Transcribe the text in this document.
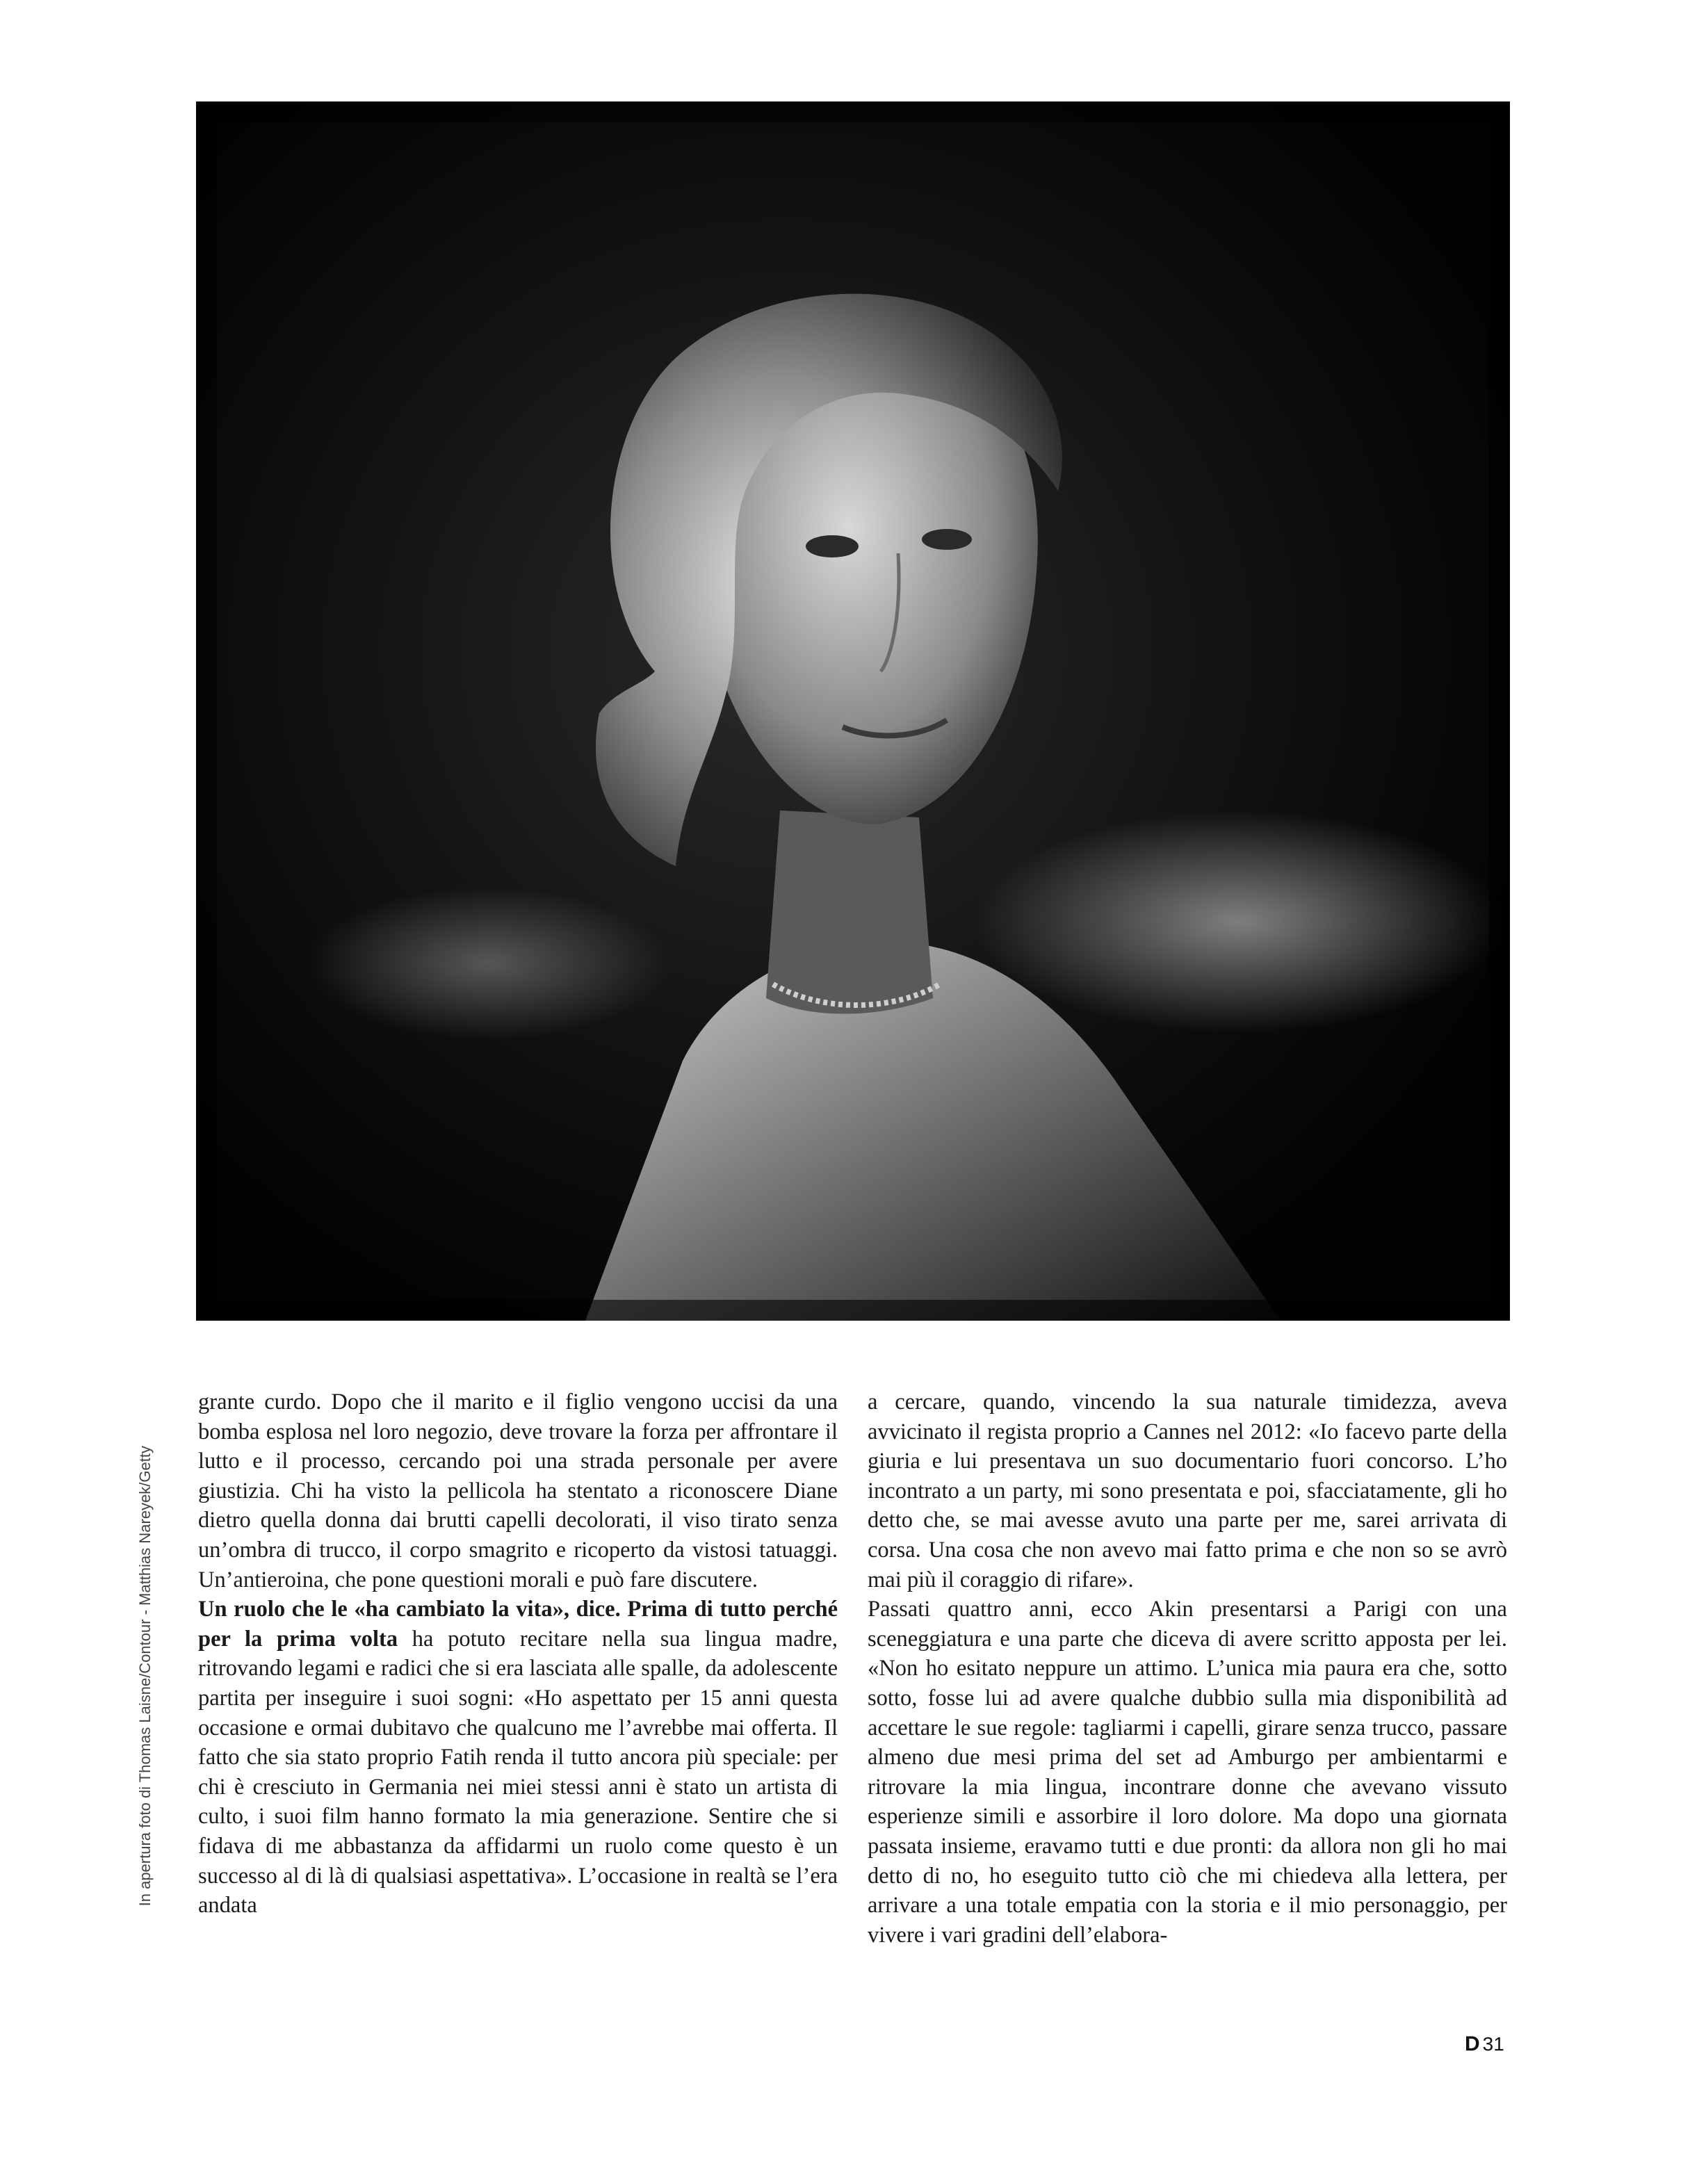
In apertura foto di Thomas Laisne/Contour - Matthias Nareyek/Getty

grante curdo. Dopo che il marito e il figlio vengono uccisi da una bomba esplosa nel loro negozio, deve trovare la forza per affrontare il lutto e il processo, cercando poi una strada personale per avere giustizia. Chi ha visto la pellicola ha stentato a riconoscere Diane dietro quella donna dai brutti capelli decolorati, il viso tirato senza un’ombra di trucco, il corpo smagrito e ricoperto da vistosi tatuaggi. Un’antieroina, che pone questioni morali e può fare discutere.

Un ruolo che le «ha cambiato la vita», dice. Prima di tutto perché per la prima volta ha potuto recitare nella sua lingua madre, ritrovando legami e radici che si era lasciata alle spalle, da adolescente partita per inseguire i suoi sogni: «Ho aspettato per 15 anni questa occasione e ormai dubitavo che qualcuno me l’avrebbe mai offerta. Il fatto che sia stato proprio Fatih renda il tutto ancora più speciale: per chi è cresciuto in Germania nei miei stessi anni è stato un artista di culto, i suoi film hanno formato la mia generazione. Sentire che si fidava di me abbastanza da affidarmi un ruolo come questo è un successo al di là di qualsiasi aspettativa». L’occasione in realtà se l’era andata

a cercare, quando, vincendo la sua naturale timidezza, aveva avvicinato il regista proprio a Cannes nel 2012: «Io facevo parte della giuria e lui presentava un suo documentario fuori concorso. L’ho incontrato a un party, mi sono presentata e poi, sfacciatamente, gli ho detto che, se mai avesse avuto una parte per me, sarei arrivata di corsa. Una cosa che non avevo mai fatto prima e che non so se avrò mai più il coraggio di rifare».

Passati quattro anni, ecco Akin presentarsi a Parigi con una sceneggiatura e una parte che diceva di avere scritto apposta per lei. «Non ho esitato neppure un attimo. L’unica mia paura era che, sotto sotto, fosse lui ad avere qualche dubbio sulla mia disponibilità ad accettare le sue regole: tagliarmi i capelli, girare senza trucco, passare almeno due mesi prima del set ad Amburgo per ambientarmi e ritrovare la mia lingua, incontrare donne che avevano vissuto esperienze simili e assorbire il loro dolore. Ma dopo una giornata passata insieme, eravamo tutti e due pronti: da allora non gli ho mai detto di no, ho eseguito tutto ciò che mi chiedeva alla lettera, per arrivare a una totale empatia con la storia e il mio personaggio, per vivere i vari gradini dell’elabora-

D 31
